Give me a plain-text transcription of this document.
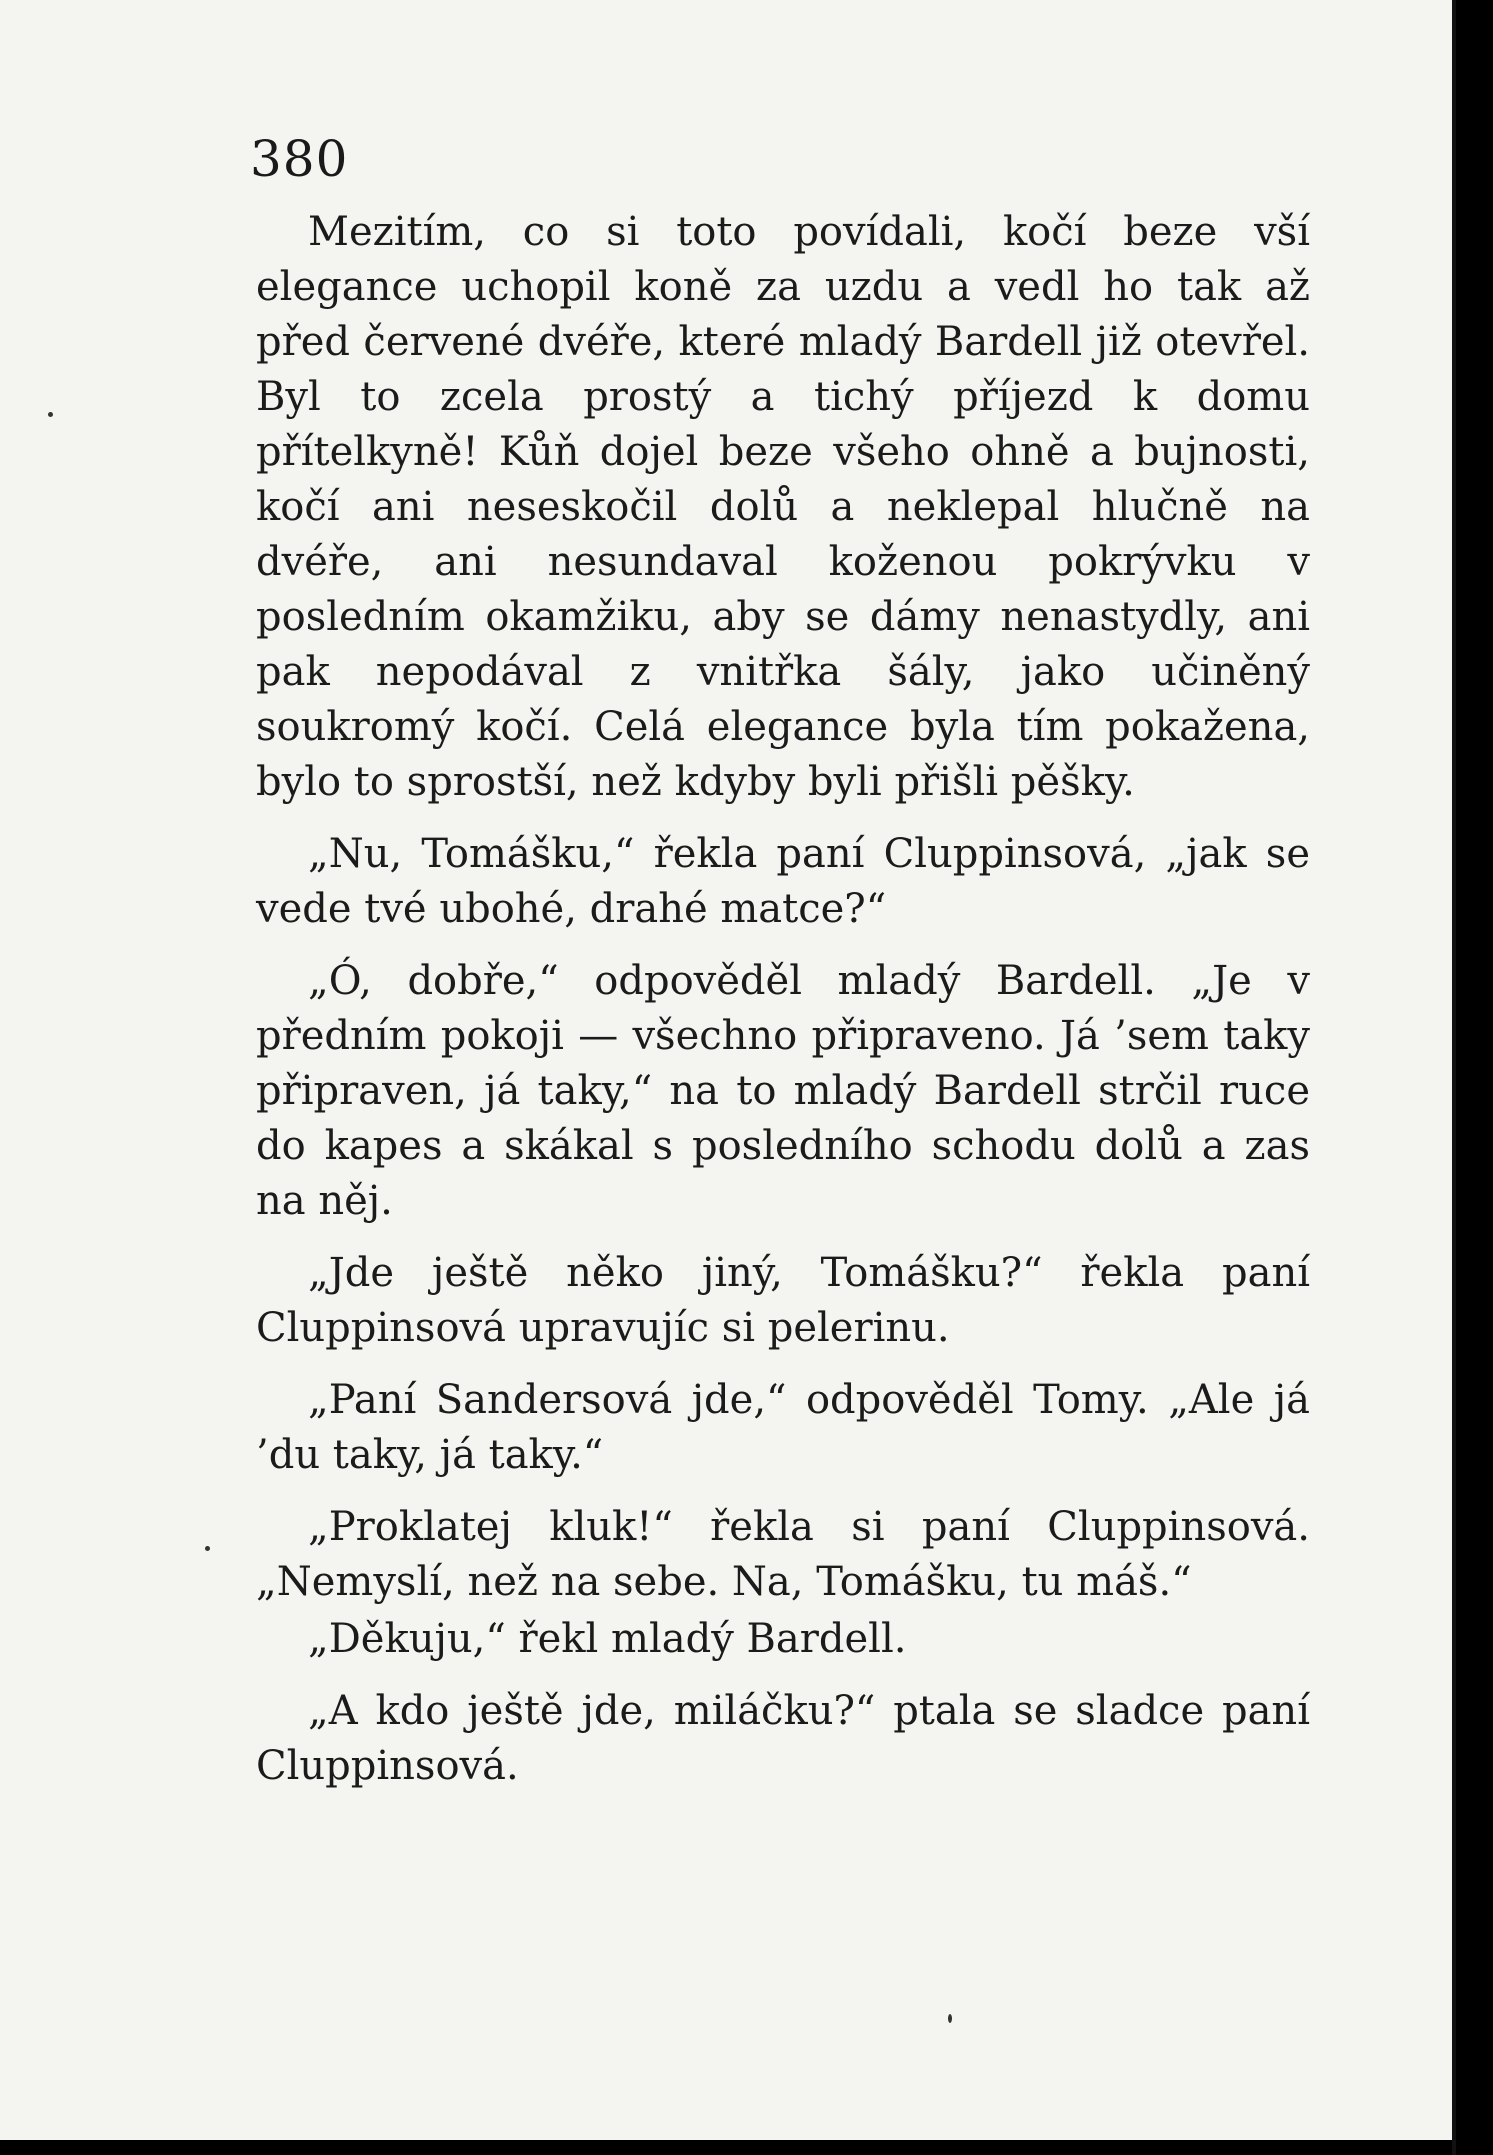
380

Mezitím, co si toto povídali, kočí beze vší elegance uchopil koně za uzdu a vedl ho tak až před červené dvéře, které mladý Bardell již otevřel. Byl to zcela prostý a tichý příjezd k domu přítelkyně! Kůň dojel beze všeho ohně a bujnosti, kočí ani neseskočil dolů a neklepal hlučně na dvéře, ani nesundaval koženou pokrývku v posledním okamžiku, aby se dámy nenastydly, ani pak nepodával z vnitřka šály, jako učiněný soukromý kočí. Celá elegance byla tím pokažena, bylo to sprostší, než kdyby byli přišli pěšky.

„Nu, Tomášku,“ řekla paní Cluppinsová, „jak se vede tvé ubohé, drahé matce?“

„Ó, dobře,“ odpověděl mladý Bardell. „Je v předním pokoji — všechno připraveno. Já ’sem taky připraven, já taky,“ na to mladý Bardell strčil ruce do kapes a skákal s posledního schodu dolů a zas na něj.

„Jde ještě něko jiný, Tomášku?“ řekla paní Cluppinsová upravujíc si pelerinu.

„Paní Sandersová jde,“ odpověděl Tomy. „Ale já ’du taky, já taky.“

„Proklatej kluk!“ řekla si paní Cluppinsová. „Nemyslí, než na sebe. Na, Tomášku, tu máš.“

„Děkuju,“ řekl mladý Bardell.

„A kdo ještě jde, miláčku?“ ptala se sladce paní Cluppinsová.
